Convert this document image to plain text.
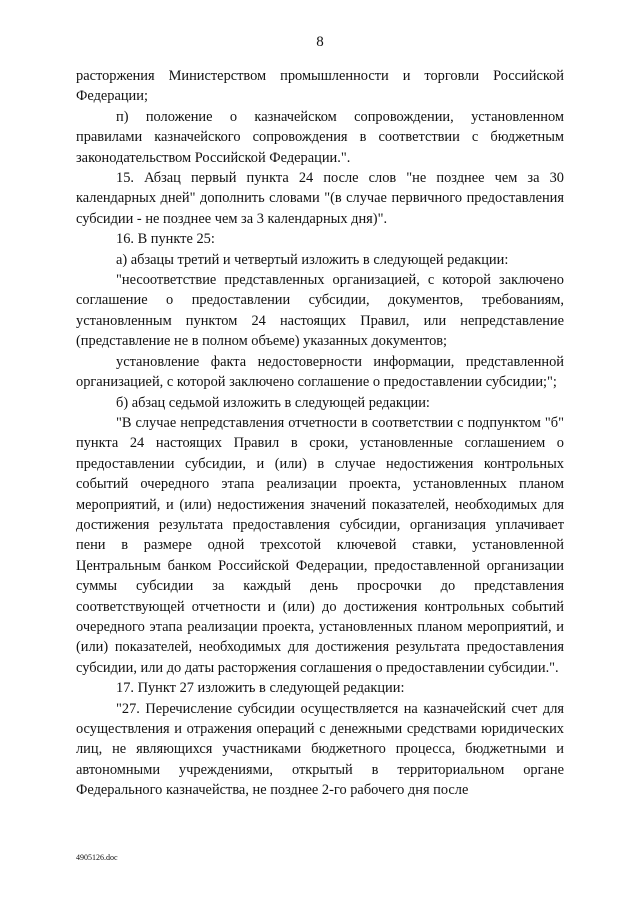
8

расторжения Министерством промышленности и торговли Российской Федерации;

п) положение о казначейском сопровождении, установленном правилами казначейского сопровождения в соответствии с бюджетным законодательством Российской Федерации.".

15. Абзац первый пункта 24 после слов "не позднее чем за 30 календарных дней" дополнить словами "(в случае первичного предоставления субсидии - не позднее чем за 3 календарных дня)".

16. В пункте 25:

а) абзацы третий и четвертый изложить в следующей редакции:

"несоответствие представленных организацией, с которой заключено соглашение о предоставлении субсидии, документов, требованиям, установленным пунктом 24 настоящих Правил, или непредставление (представление не в полном объеме) указанных документов;

установление факта недостоверности информации, представленной организацией, с которой заключено соглашение о предоставлении субсидии;";

б) абзац седьмой изложить в следующей редакции:

"В случае непредставления отчетности в соответствии с подпунктом "б" пункта 24 настоящих Правил в сроки, установленные соглашением о предоставлении субсидии, и (или) в случае недостижения контрольных событий очередного этапа реализации проекта, установленных планом мероприятий, и (или) недостижения значений показателей, необходимых для достижения результата предоставления субсидии, организация уплачивает пени в размере одной трехсотой ключевой ставки, установленной Центральным банком Российской Федерации, предоставленной организации суммы субсидии за каждый день просрочки до представления соответствующей отчетности и (или) до достижения контрольных событий очередного этапа реализации проекта, установленных планом мероприятий, и (или) показателей, необходимых для достижения результата предоставления субсидии, или до даты расторжения соглашения о предоставлении субсидии.".

17. Пункт 27 изложить в следующей редакции:

"27. Перечисление субсидии осуществляется на казначейский счет для осуществления и отражения операций с денежными средствами юридических лиц, не являющихся участниками бюджетного процесса, бюджетными и автономными учреждениями, открытый в территориальном органе Федерального казначейства, не позднее 2-го рабочего дня после

4905126.doc
